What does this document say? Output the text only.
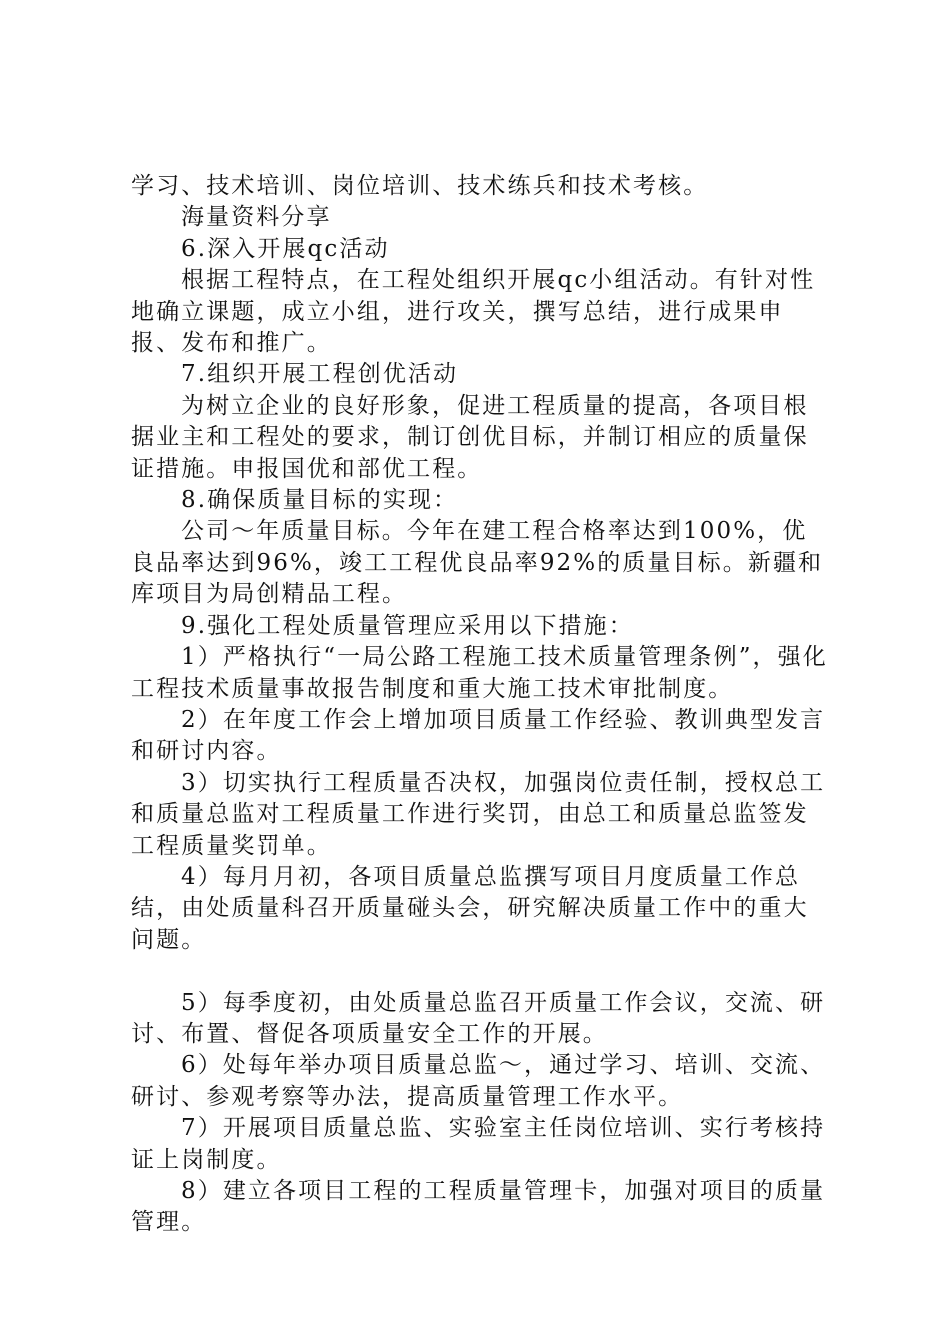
学习、技术培训、岗位培训、技术练兵和技术考核。

海量资料分享

6.深入开展qc活动

根据工程特点，在工程处组织开展qc小组活动。有针对性地确立课题，成立小组，进行攻关，撰写总结，进行成果申报、发布和推广。

7.组织开展工程创优活动

为树立企业的良好形象，促进工程质量的提高，各项目根据业主和工程处的要求，制订创优目标，并制订相应的质量保证措施。申报国优和部优工程。

8.确保质量目标的实现：

公司～年质量目标。今年在建工程合格率达到100%，优良品率达到96%，竣工工程优良品率92%的质量目标。新疆和库项目为局创精品工程。

9.强化工程处质量管理应采用以下措施：

1）严格执行“一局公路工程施工技术质量管理条例”，强化工程技术质量事故报告制度和重大施工技术审批制度。

2）在年度工作会上增加项目质量工作经验、教训典型发言和研讨内容。

3）切实执行工程质量否决权，加强岗位责任制，授权总工和质量总监对工程质量工作进行奖罚，由总工和质量总监签发工程质量奖罚单。

4）每月月初，各项目质量总监撰写项目月度质量工作总结，由处质量科召开质量碰头会，研究解决质量工作中的重大问题。

5）每季度初，由处质量总监召开质量工作会议，交流、研讨、布置、督促各项质量安全工作的开展。

6）处每年举办项目质量总监～，通过学习、培训、交流、研讨、参观考察等办法，提高质量管理工作水平。

7）开展项目质量总监、实验室主任岗位培训、实行考核持证上岗制度。

8）建立各项目工程的工程质量管理卡，加强对项目的质量管理。
